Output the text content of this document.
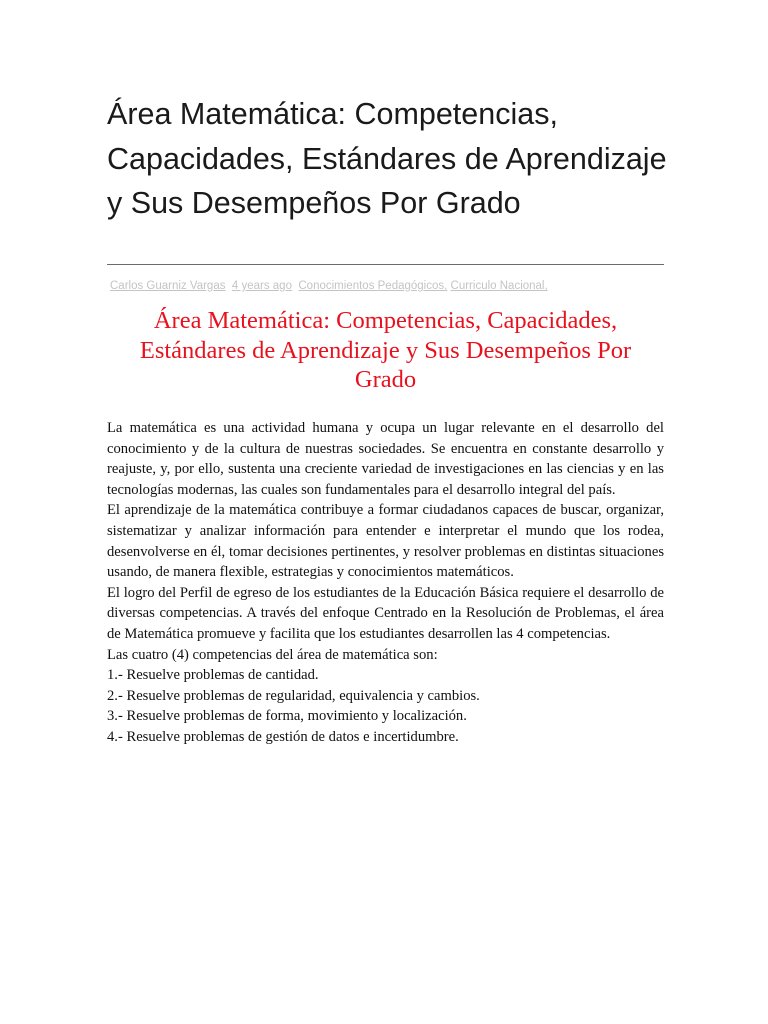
Área Matemática: Competencias, Capacidades, Estándares de Aprendizaje y Sus Desempeños Por Grado
Carlos Guarniz Vargas 4 years ago Conocimientos Pedagógicos, Curriculo Nacional,
Área Matemática: Competencias, Capacidades, Estándares de Aprendizaje y Sus Desempeños Por Grado

La matemática es una actividad humana y ocupa un lugar relevante en el desarrollo del conocimiento y de la cultura de nuestras sociedades. Se encuentra en constante desarrollo y reajuste, y, por ello, sustenta una creciente variedad de investigaciones en las ciencias y en las tecnologías modernas, las cuales son fundamentales para el desarrollo integral del país.

El aprendizaje de la matemática contribuye a formar ciudadanos capaces de buscar, organizar, sistematizar y analizar información para entender e interpretar el mundo que los rodea, desenvolverse en él, tomar decisiones pertinentes, y resolver problemas en distintas situaciones usando, de manera flexible, estrategias y conocimientos matemáticos.

El logro del Perfil de egreso de los estudiantes de la Educación Básica requiere el desarrollo de diversas competencias. A través del enfoque Centrado en la Resolución de Problemas, el área de Matemática promueve y facilita que los estudiantes desarrollen las 4 competencias.

Las cuatro (4) competencias del área de matemática son:

1.- Resuelve problemas de cantidad.

2.- Resuelve problemas de regularidad, equivalencia y cambios.

3.- Resuelve problemas de forma, movimiento y localización.

4.- Resuelve problemas de gestión de datos e incertidumbre.
